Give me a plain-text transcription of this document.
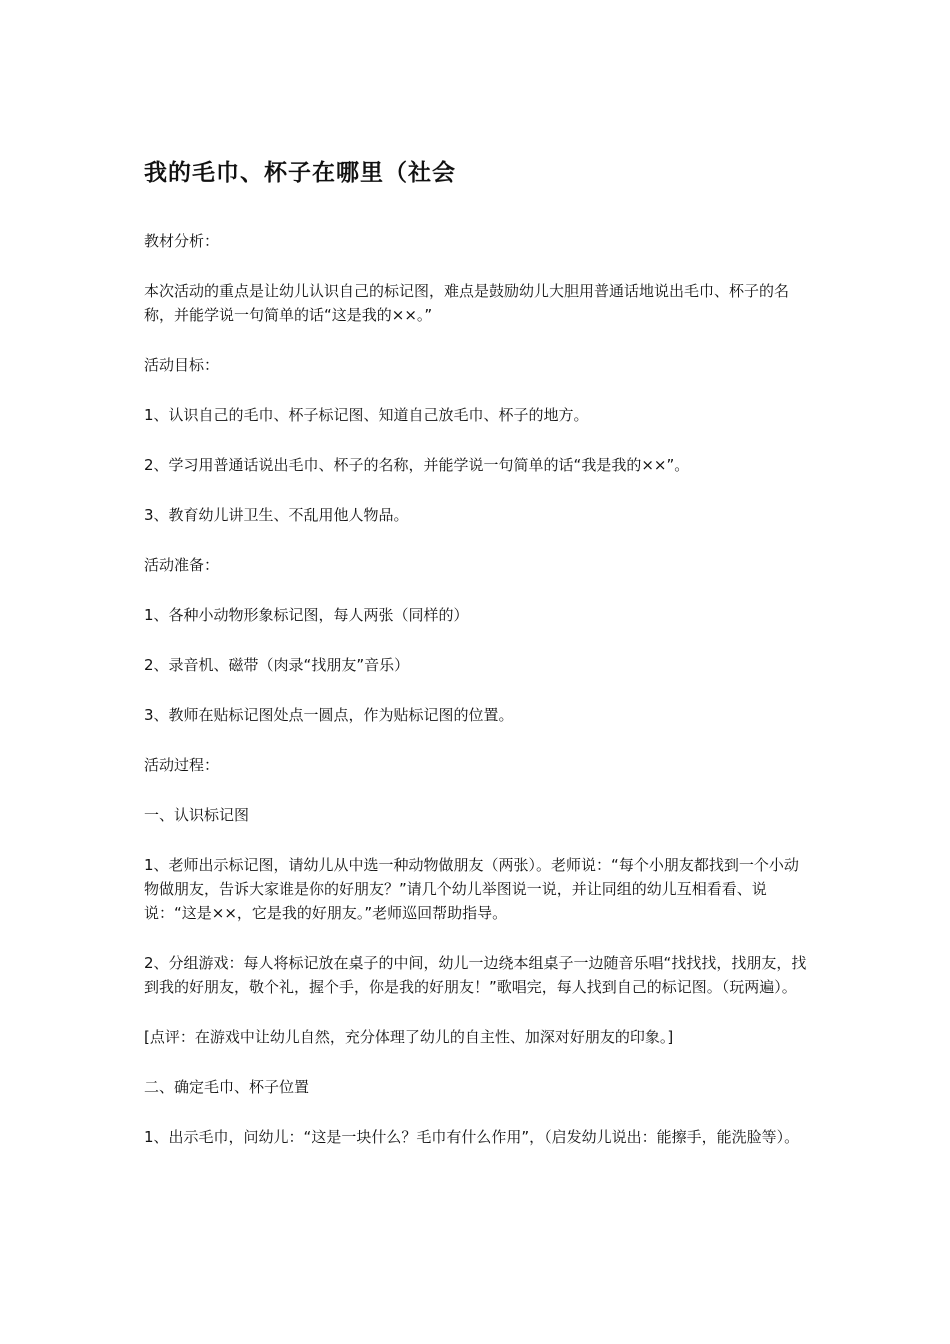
我的毛巾、杯子在哪里（社会

教材分析：

本次活动的重点是让幼儿认识自己的标记图，难点是鼓励幼儿大胆用普通话地说出毛巾、杯子的名称，并能学说一句简单的话“这是我的××。”

活动目标：

1、认识自己的毛巾、杯子标记图、知道自己放毛巾、杯子的地方。

2、学习用普通话说出毛巾、杯子的名称，并能学说一句简单的话“我是我的××”。

3、教育幼儿讲卫生、不乱用他人物品。

活动准备：

1、各种小动物形象标记图，每人两张（同样的）

2、录音机、磁带（肉录“找朋友”音乐）

3、教师在贴标记图处点一圆点，作为贴标记图的位置。

活动过程：

一、认识标记图

1、老师出示标记图，请幼儿从中选一种动物做朋友（两张）。老师说：“每个小朋友都找到一个小动物做朋友，告诉大家谁是你的好朋友？”请几个幼儿举图说一说，并让同组的幼儿互相看看、说说：“这是××，它是我的好朋友。”老师巡回帮助指导。

2、分组游戏：每人将标记放在桌子的中间，幼儿一边绕本组桌子一边随音乐唱“找找找，找朋友，找到我的好朋友，敬个礼，握个手，你是我的好朋友！”歌唱完，每人找到自己的标记图。（玩两遍）。

[点评：在游戏中让幼儿自然，充分体理了幼儿的自主性、加深对好朋友的印象。]

二、确定毛巾、杯子位置

1、出示毛巾，问幼儿：“这是一块什么？毛巾有什么作用”，（启发幼儿说出：能擦手，能洗脸等）。
